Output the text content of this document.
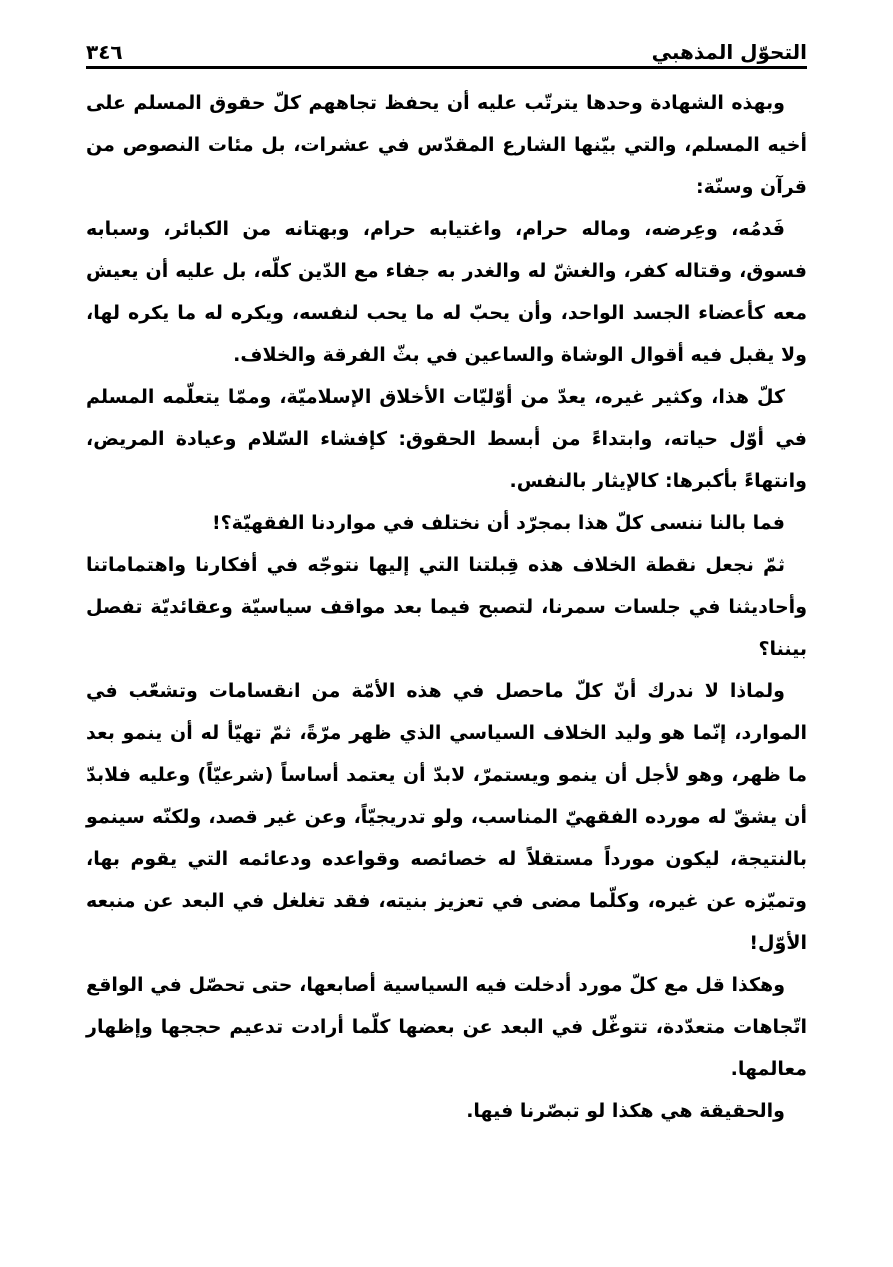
التحوّل المذهبي
٣٤٦

وبهذه الشهادة وحدها يترتّب عليه أن يحفظ تجاههم كلّ حقوق المسلم على أخيه المسلم، والتي بيّنها الشارع المقدّس في عشرات، بل مئات النصوص من قرآن وسنّة:

فَدمُه، وعِرضه، وماله حرام، واغتيابه حرام، وبهتانه من الكبائر، وسبابه فسوق، وقتاله كفر، والغشّ له والغدر به جفاء مع الدّين كلّه، بل عليه أن يعيش معه كأعضاء الجسد الواحد، وأن يحبّ له ما يحب لنفسه، ويكره له ما يكره لها، ولا يقبل فيه أقوال الوشاة والساعين في بثّ الفرقة والخلاف.

كلّ هذا، وكثير غيره، يعدّ من أوّليّات الأخلاق الإسلاميّة، وممّا يتعلّمه المسلم في أوّل حياته، وابتداءً من أبسط الحقوق: كإفشاء السّلام وعيادة المريض، وانتهاءً بأكبرها: كالإيثار بالنفس.

فما بالنا ننسى كلّ هذا بمجرّد أن نختلف في مواردنا الفقهيّة؟!

ثمّ نجعل نقطة الخلاف هذه قِبلتنا التي إليها نتوجّه في أفكارنا واهتماماتنا وأحاديثنا في جلسات سمرنا، لتصبح فيما بعد مواقف سياسيّة وعقائديّة تفصل بيننا؟

ولماذا لا ندرك أنّ كلّ ماحصل في هذه الأمّة من انقسامات وتشعّب في الموارد، إنّما هو وليد الخلاف السياسي الذي ظهر مرّةً، ثمّ تهيّأ له أن ينمو بعد ما ظهر، وهو لأجل أن ينمو ويستمرّ، لابدّ أن يعتمد أساساً (شرعيّاً) وعليه فلابدّ أن يشقّ له مورده الفقهيّ المناسب، ولو تدريجيّاً، وعن غير قصد، ولكنّه سينمو بالنتيجة، ليكون مورداً مستقلاً له خصائصه وقواعده ودعائمه التي يقوم بها، وتميّزه عن غيره، وكلّما مضى في تعزيز بنيته، فقد تغلغل في البعد عن منبعه الأوّل!

وهكذا قل مع كلّ مورد أدخلت فيه السياسية أصابعها، حتى تحصّل في الواقع اتّجاهات متعدّدة، تتوغّل في البعد عن بعضها كلّما أرادت تدعيم حججها وإظهار معالمها.

والحقيقة هي هكذا لو تبصّرنا فيها.
